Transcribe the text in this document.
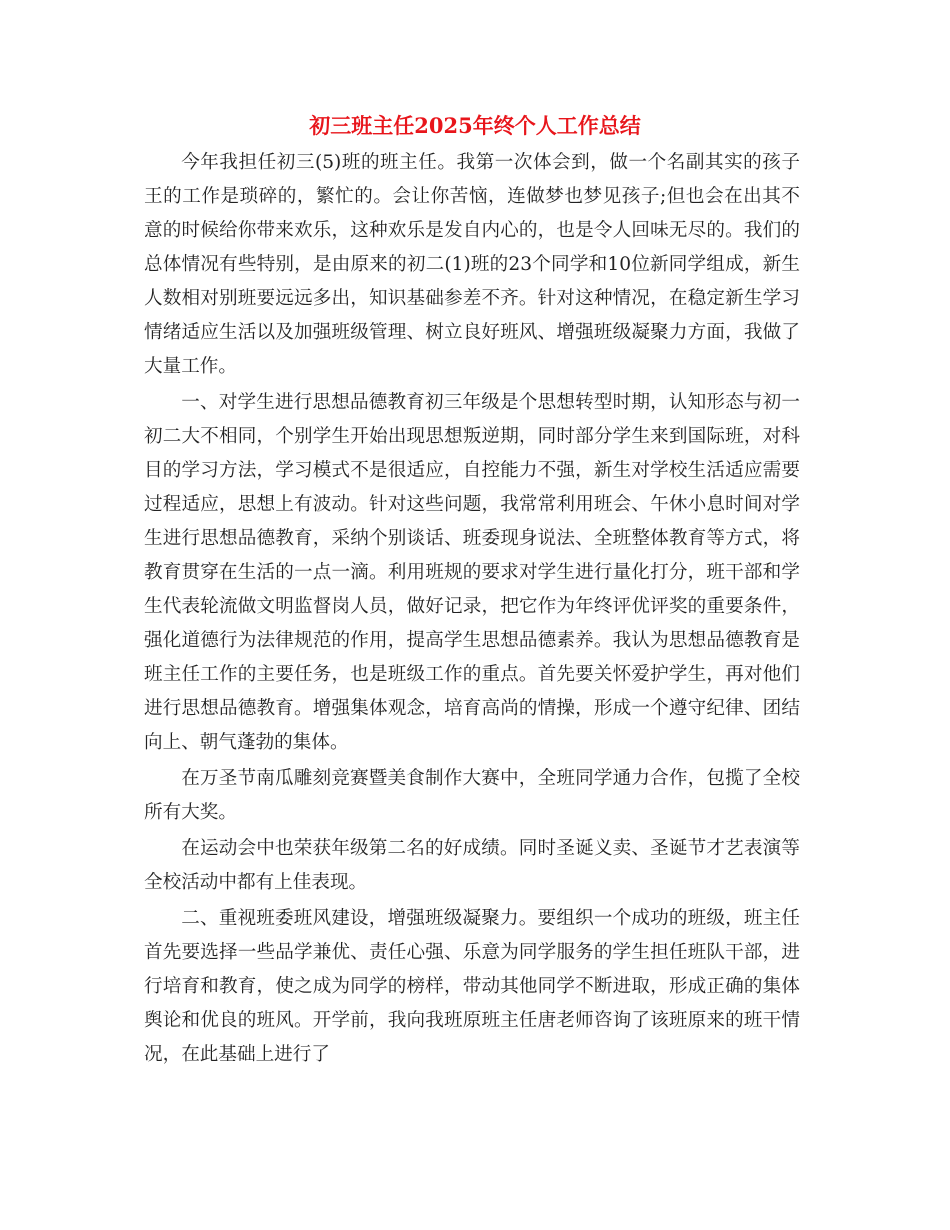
初三班主任2025年终个人工作总结

今年我担任初三(5)班的班主任。我第一次体会到，做一个名副其实的孩子王的工作是琐碎的，繁忙的。会让你苦恼，连做梦也梦见孩子;但也会在出其不意的时候给你带来欢乐，这种欢乐是发自内心的，也是令人回味无尽的。我们的总体情况有些特别，是由原来的初二(1)班的23个同学和10位新同学组成，新生人数相对别班要远远多出，知识基础参差不齐。针对这种情况，在稳定新生学习情绪适应生活以及加强班级管理、树立良好班风、增强班级凝聚力方面，我做了大量工作。

一、对学生进行思想品德教育初三年级是个思想转型时期，认知形态与初一初二大不相同，个别学生开始出现思想叛逆期，同时部分学生来到国际班，对科目的学习方法，学习模式不是很适应，自控能力不强，新生对学校生活适应需要过程适应，思想上有波动。针对这些问题，我常常利用班会、午休小息时间对学生进行思想品德教育，采纳个别谈话、班委现身说法、全班整体教育等方式，将教育贯穿在生活的一点一滴。利用班规的要求对学生进行量化打分，班干部和学生代表轮流做文明监督岗人员，做好记录，把它作为年终评优评奖的重要条件，强化道德行为法律规范的作用，提高学生思想品德素养。我认为思想品德教育是班主任工作的主要任务，也是班级工作的重点。首先要关怀爱护学生，再对他们进行思想品德教育。增强集体观念，培育高尚的情操，形成一个遵守纪律、团结向上、朝气蓬勃的集体。

在万圣节南瓜雕刻竞赛暨美食制作大赛中，全班同学通力合作，包揽了全校所有大奖。

在运动会中也荣获年级第二名的好成绩。同时圣诞义卖、圣诞节才艺表演等全校活动中都有上佳表现。

二、重视班委班风建设，增强班级凝聚力。要组织一个成功的班级，班主任首先要选择一些品学兼优、责任心强、乐意为同学服务的学生担任班队干部，进行培育和教育，使之成为同学的榜样，带动其他同学不断进取，形成正确的集体舆论和优良的班风。开学前，我向我班原班主任唐老师咨询了该班原来的班干情况，在此基础上进行了
